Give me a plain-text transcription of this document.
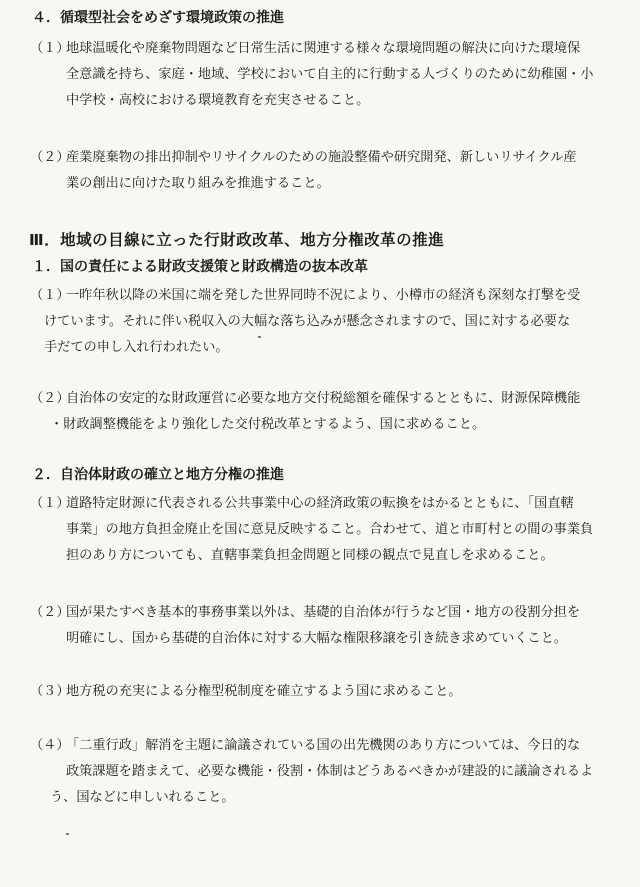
４．循環型社会をめざす環境政策の推進
（１）
地球温暖化や廃棄物問題など日常生活に関連する様々な環境問題の解決に向けた環境保
全意識を持ち、家庭・地域、学校において自主的に行動する人づくりのために幼稚園・小
中学校・高校における環境教育を充実させること。
（２）
産業廃棄物の排出抑制やリサイクルのための施設整備や研究開発、新しいリサイクル産
業の創出に向けた取り組みを推進すること。
Ⅲ．地域の目線に立った行財政改革、地方分権改革の推進
１．国の責任による財政支援策と財政構造の抜本改革
（１）
一昨年秋以降の米国に端を発した世界同時不況により、小樽市の経済も深刻な打撃を受
けています。それに伴い税収入の大幅な落ち込みが懸念されますので、国に対する必要な
手だての申し入れ行われたい。
（２）
自治体の安定的な財政運営に必要な地方交付税総額を確保するとともに、財源保障機能
・財政調整機能をより強化した交付税改革とするよう、国に求めること。
２．自治体財政の確立と地方分権の推進
（１）
道路特定財源に代表される公共事業中心の経済政策の転換をはかるとともに、「国直轄
事業」の地方負担金廃止を国に意見反映すること。合わせて、道と市町村との間の事業負
担のあり方についても、直轄事業負担金問題と同様の観点で見直しを求めること。
（２）
国が果たすべき基本的事務事業以外は、基礎的自治体が行うなど国・地方の役割分担を
明確にし、国から基礎的自治体に対する大幅な権限移譲を引き続き求めていくこと。
（３）
地方税の充実による分権型税制度を確立するよう国に求めること。
（４）
「二重行政」解消を主題に論議されている国の出先機関のあり方については、今日的な
政策課題を踏まえて、必要な機能・役割・体制はどうあるべきかが建設的に議論されるよ
う、国などに申しいれること。
